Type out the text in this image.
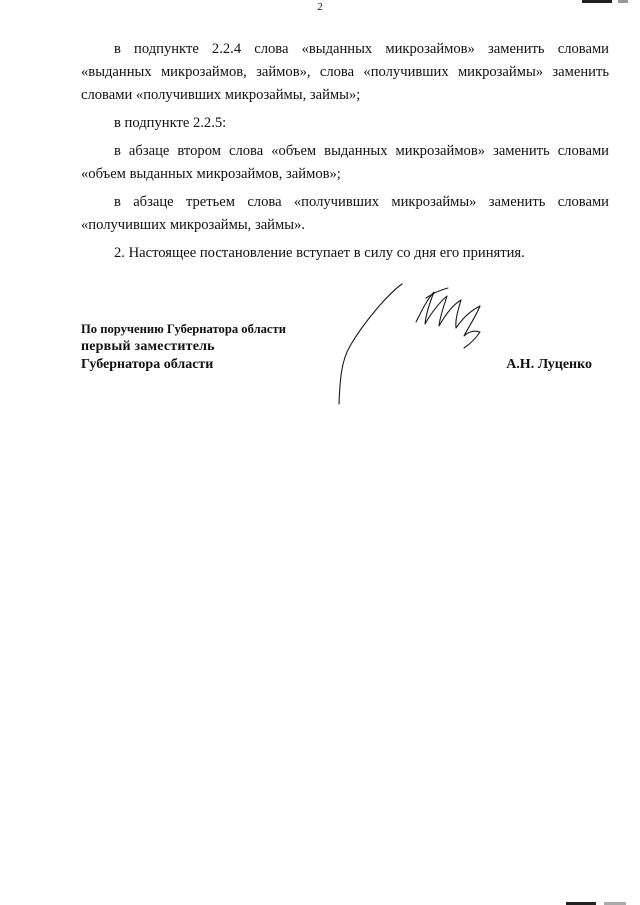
2

в подпункте 2.2.4 слова «выданных микрозаймов» заменить словами «выданных микрозаймов, займов», слова «получивших микрозаймы» заменить словами «получивших микрозаймы, займы»;

в подпункте 2.2.5:

в абзаце втором слова «объем выданных микрозаймов» заменить словами «объем выданных микрозаймов, займов»;

в абзаце третьем слова «получивших микрозаймы» заменить словами «получивших микрозаймы, займы».

2. Настоящее постановление вступает в силу со дня его принятия.

По поручению Губернатора области
первый заместитель
Губернатора области	А.Н. Луценко
